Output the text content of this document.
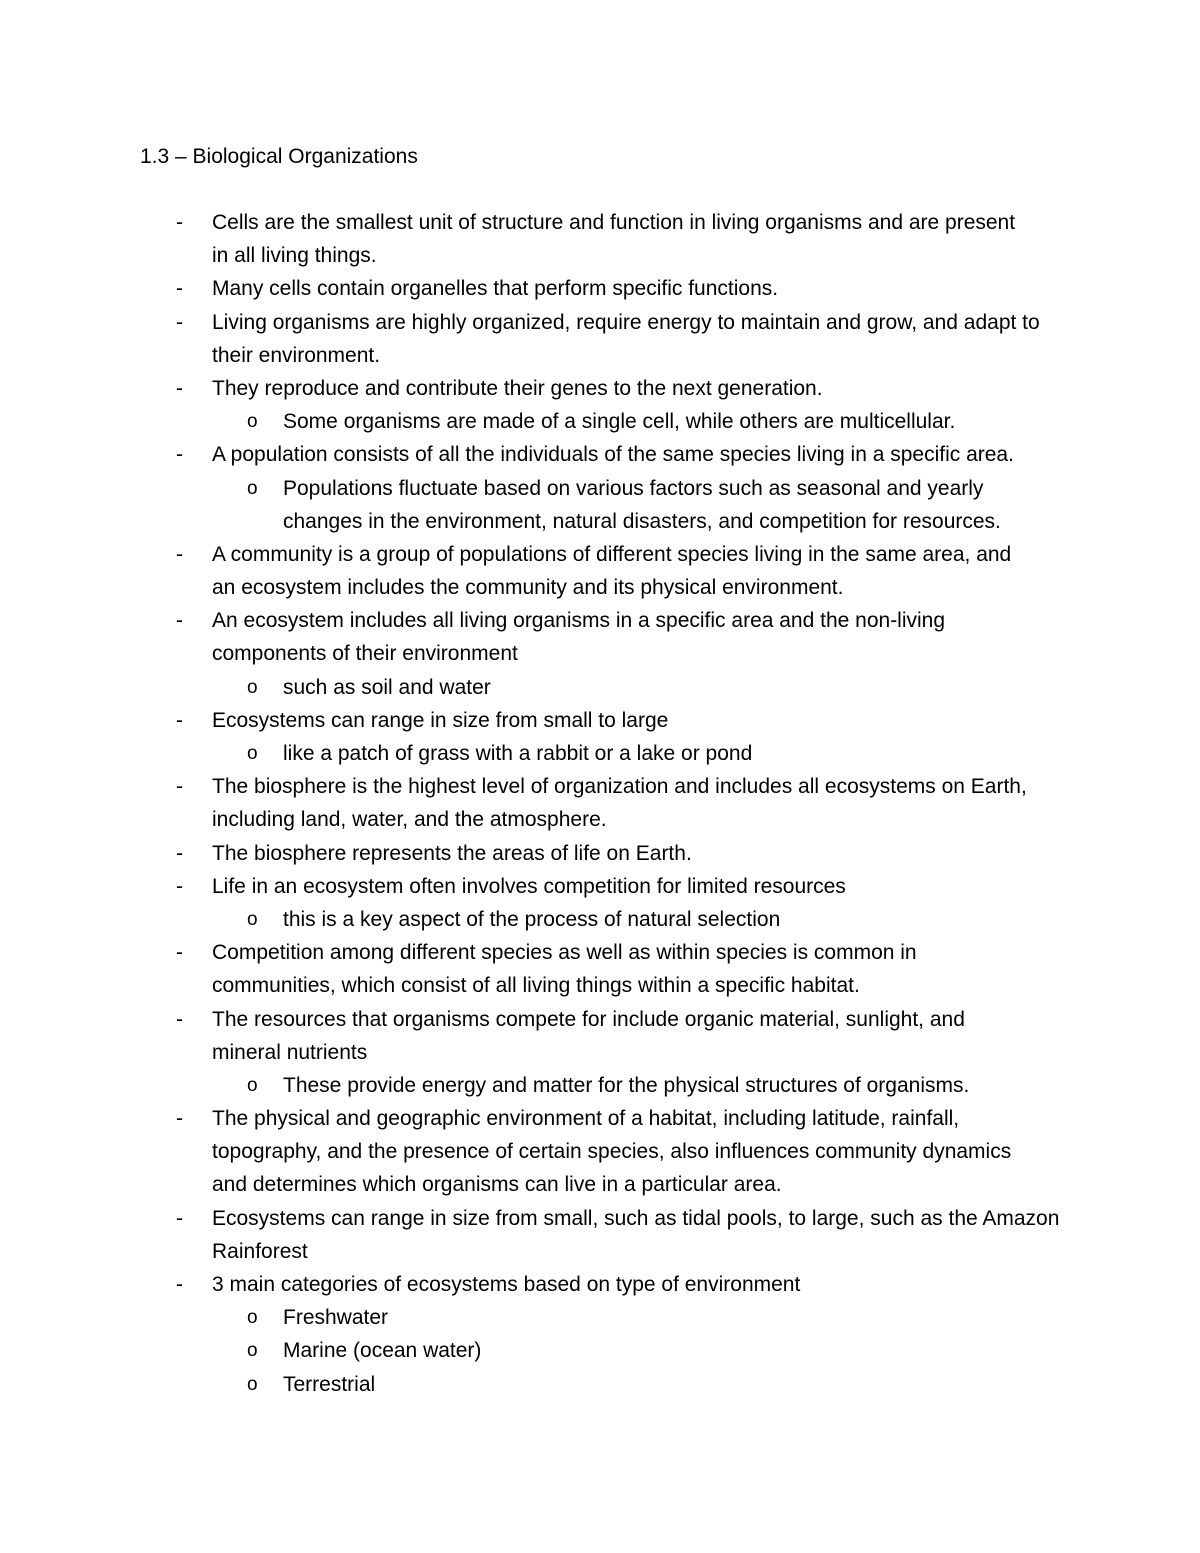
1.3 – Biological Organizations
- Cells are the smallest unit of structure and function in living organisms and are present
in all living things.
- Many cells contain organelles that perform specific functions.
- Living organisms are highly organized, require energy to maintain and grow, and adapt to
their environment.
- They reproduce and contribute their genes to the next generation.
o Some organisms are made of a single cell, while others are multicellular.
- A population consists of all the individuals of the same species living in a specific area.
o Populations fluctuate based on various factors such as seasonal and yearly
changes in the environment, natural disasters, and competition for resources.
- A community is a group of populations of different species living in the same area, and
an ecosystem includes the community and its physical environment.
- An ecosystem includes all living organisms in a specific area and the non-living
components of their environment
o such as soil and water
- Ecosystems can range in size from small to large
o like a patch of grass with a rabbit or a lake or pond
- The biosphere is the highest level of organization and includes all ecosystems on Earth,
including land, water, and the atmosphere.
- The biosphere represents the areas of life on Earth.
- Life in an ecosystem often involves competition for limited resources
o this is a key aspect of the process of natural selection
- Competition among different species as well as within species is common in
communities, which consist of all living things within a specific habitat.
- The resources that organisms compete for include organic material, sunlight, and
mineral nutrients
o These provide energy and matter for the physical structures of organisms.
- The physical and geographic environment of a habitat, including latitude, rainfall,
topography, and the presence of certain species, also influences community dynamics
and determines which organisms can live in a particular area.
- Ecosystems can range in size from small, such as tidal pools, to large, such as the Amazon
Rainforest
- 3 main categories of ecosystems based on type of environment
o Freshwater
o Marine (ocean water)
o Terrestrial
